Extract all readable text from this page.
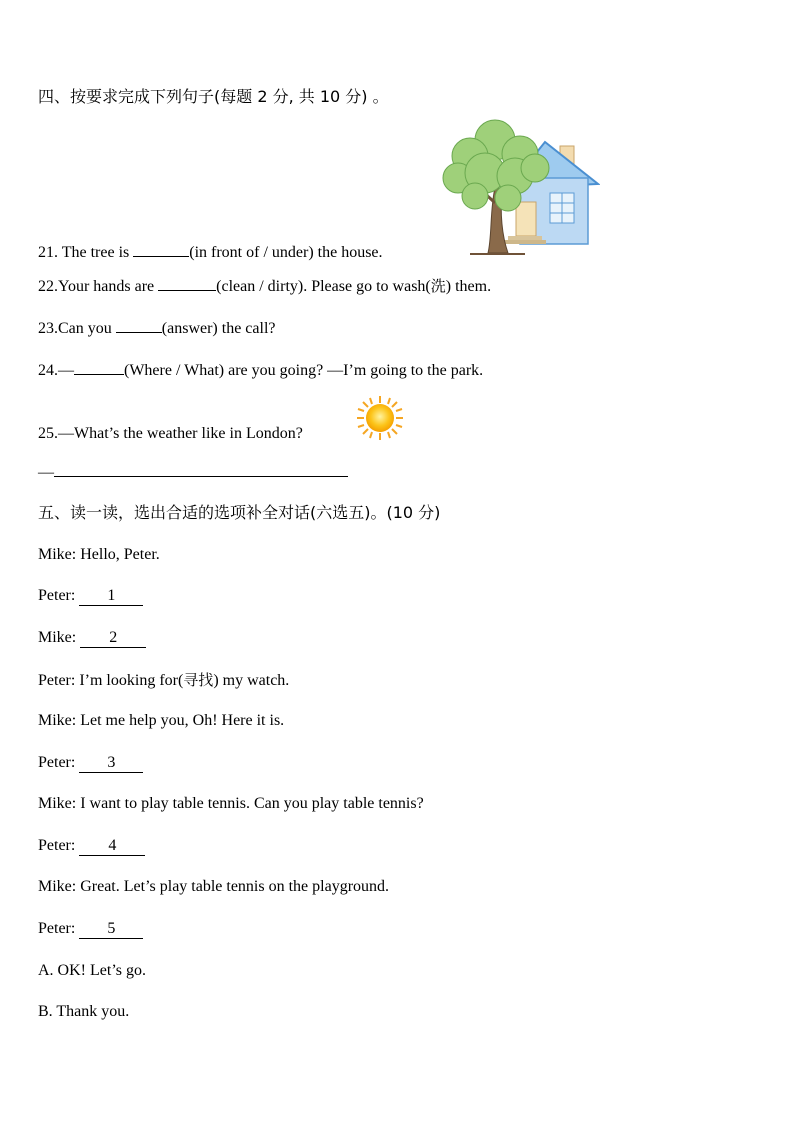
四、按要求完成下列句子(每题 2 分, 共 10 分) 。
21. The tree is	(in front of / under) the house.
22.Your hands are	(clean / dirty). Please go to wash(洗) them.
23.Can you	(answer) the call?
24.—	(Where / What) are you going? —I’m going to the park.
25.—What’s the weather like in London?
—
五、读一读，选出合适的选项补全对话(六选五)。(10 分)
Mike: Hello, Peter.
Peter: 1
Mike: 2
Peter: I’m looking for(寻找) my watch.
Mike: Let me help you, Oh! Here it is.
Peter: 3
Mike: I want to play table tennis. Can you play table tennis?
Peter: 4
Mike: Great. Let’s play table tennis on the playground.
Peter: 5
A. OK! Let’s go.
B. Thank you.
